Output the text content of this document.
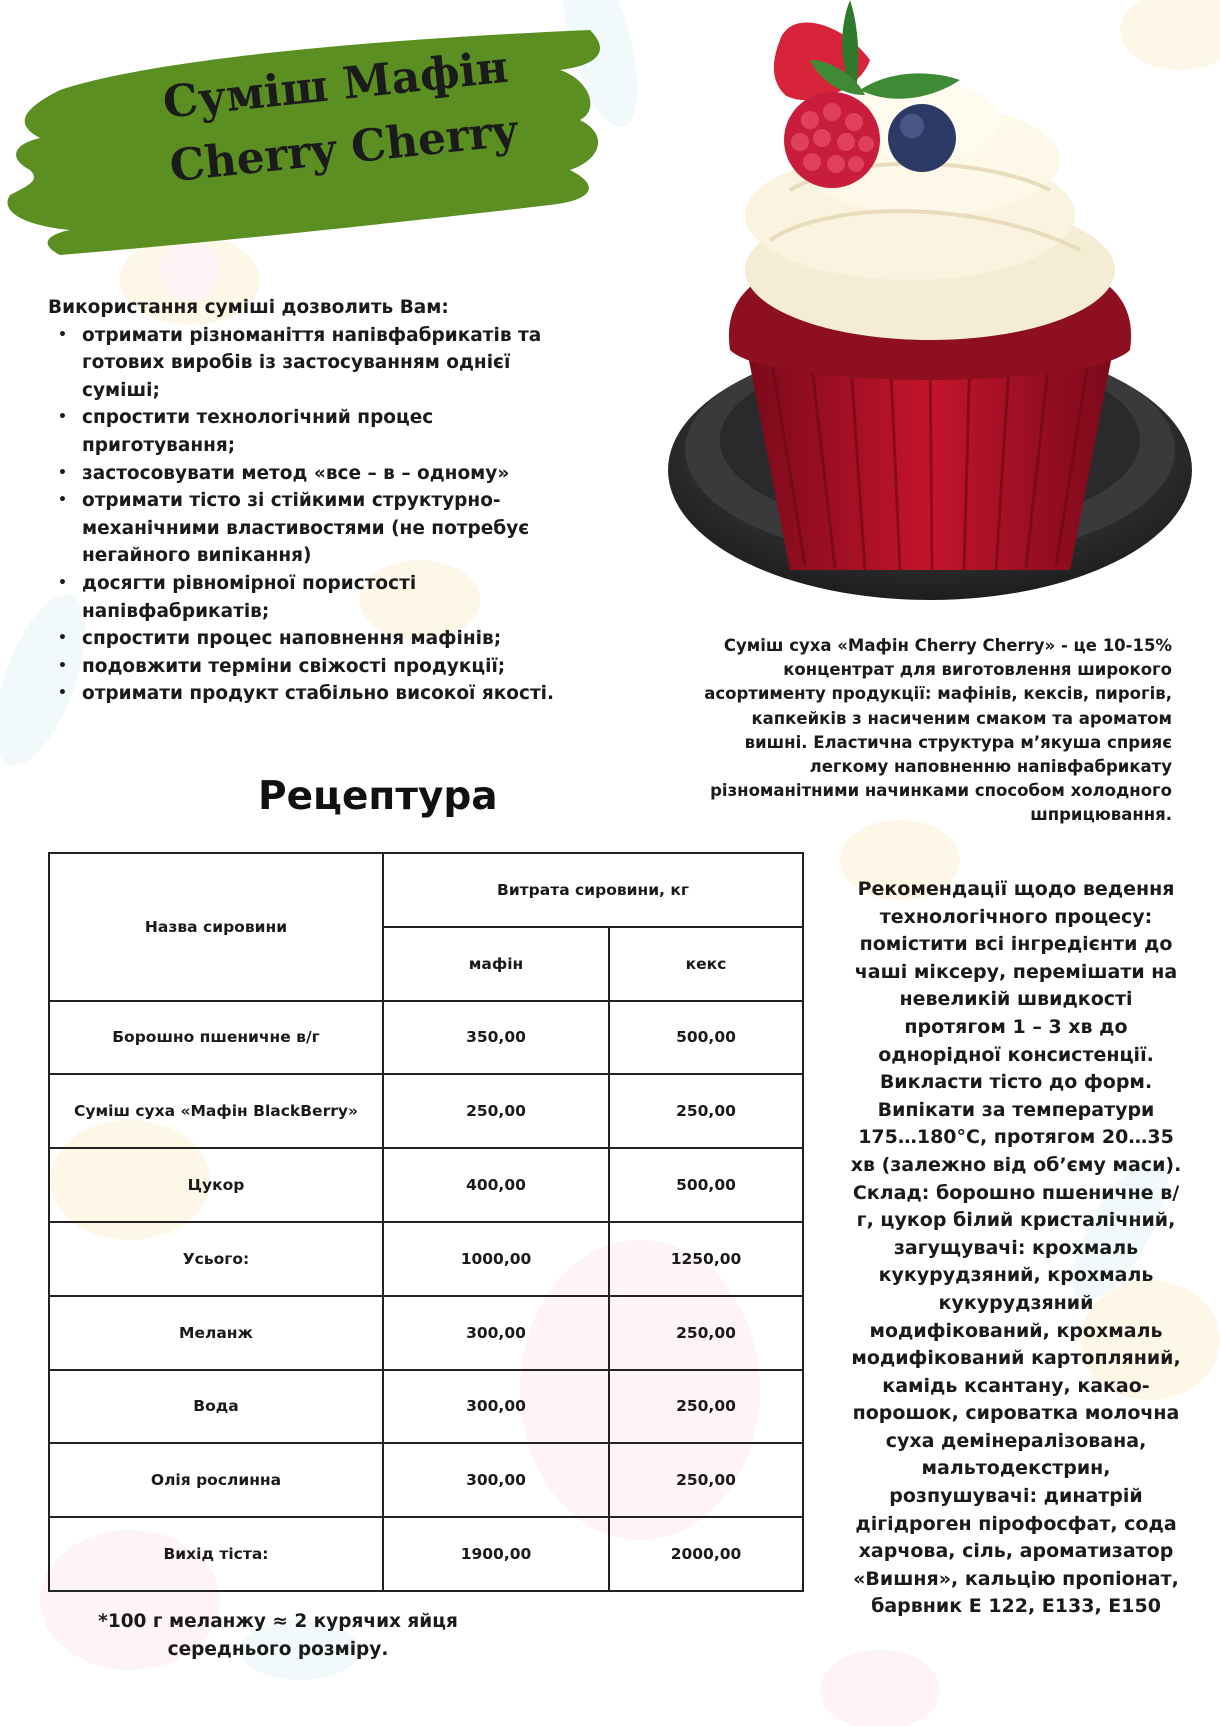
Суміш Мафін
Cherry Cherry
Використання суміші дозволить Вам:
• отримати різноманіття напівфабрикатів та готових виробів із застосуванням однієї суміші;
• спростити технологічний процес приготування;
• застосовувати метод «все – в – одному»
• отримати тісто зі стійкими структурно-механічними властивостями (не потребує негайного випікання)
• досягти рівномірної пористості напівфабрикатів;
• спростити процес наповнення мафінів;
• подовжити терміни свіжості продукції;
• отримати продукт стабільно високої якості.
Суміш суха «Мафін Cherry Cherry» - це 10-15% концентрат для виготовлення широкого асортименту продукції: мафінів, кексів, пирогів, капкейків з насиченим смаком та ароматом вишні. Еластична структура м’якуша сприяє легкому наповненню напівфабрикату різноманітними начинками способом холодного шприцювання.
Рецептура
Назва сировини	Витрата сировини, кг	
	мафін	кекс
Борошно пшеничне в/г	350,00	500,00
Суміш суха «Мафін BlackBerry»	250,00	250,00
Цукор	400,00	500,00
Усього:	1000,00	1250,00
Меланж	300,00	250,00
Вода	300,00	250,00
Олія рослинна	300,00	250,00
Вихід тіста:	1900,00	2000,00
*100 г меланжу ≈ 2 курячих яйця середнього розміру.
Рекомендації щодо ведення технологічного процесу: помістити всі інгредієнти до чаші міксеру, перемішати на невеликій швидкості протягом 1 – 3 хв до однорідної консистенції. Викласти тісто до форм. Випікати за температури 175…180°С, протягом 20…35 хв (залежно від об’єму маси). Склад: борошно пшеничне в/г, цукор білий кристалічний, загущувачі: крохмаль кукурудзяний, крохмаль кукурудзяний модифікований, крохмаль модифікований картопляний, камідь ксантану, какао-порошок, сироватка молочна суха демінералізована, мальтодекстрин, розпушувачі: динатрій дігідроген пірофосфат, сода харчова, сіль, ароматизатор «Вишня», кальцію пропіонат, барвник Е 122, Е133, Е150
